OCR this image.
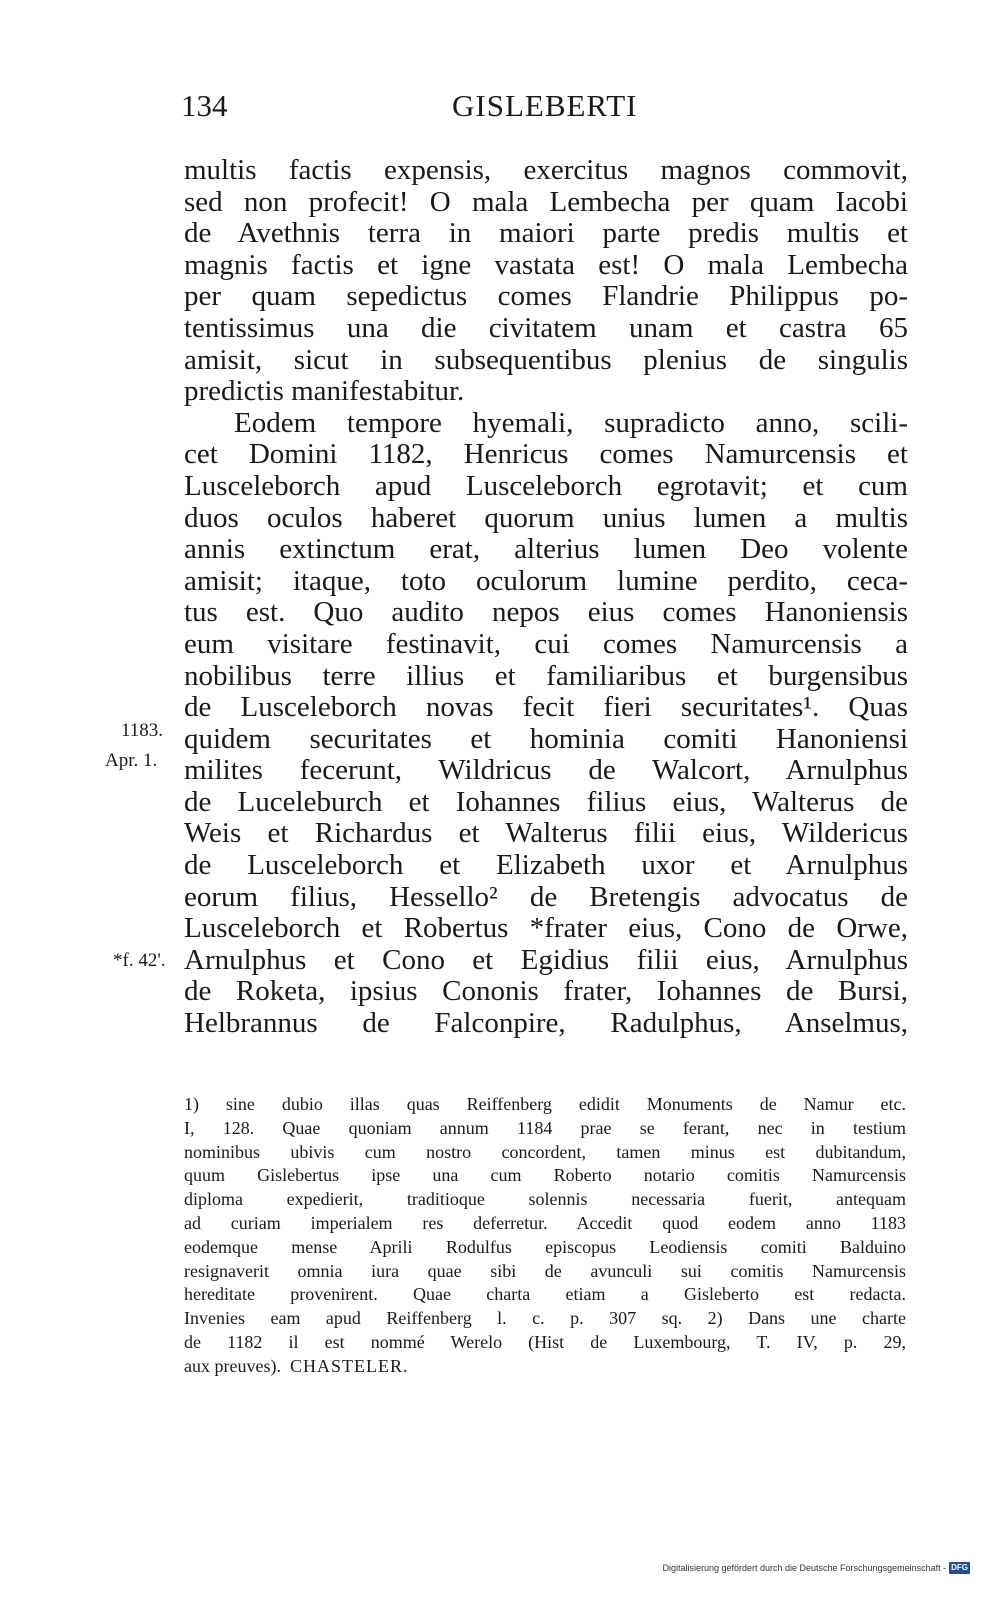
134	GISLEBERTI
multis factis expensis, exercitus magnos commovit,
sed non profecit! O mala Lembecha per quam Iacobi
de Avethnis terra in maiori parte predis multis et
magnis factis et igne vastata est! O mala Lembecha
per quam sepedictus comes Flandrie Philippus po-
tentissimus una die civitatem unam et castra 65
amisit, sicut in subsequentibus plenius de singulis
predictis manifestabitur.
Eodem tempore hyemali, supradicto anno, scili-
cet Domini 1182, Henricus comes Namurcensis et
Lusceleborch apud Lusceleborch egrotavit; et cum
duos oculos haberet quorum unius lumen a multis
annis extinctum erat, alterius lumen Deo volente
amisit; itaque, toto oculorum lumine perdito, ceca-
tus est. Quo audito nepos eius comes Hanoniensis
eum visitare festinavit, cui comes Namurcensis a
nobilibus terre illius et familiaribus et burgensibus
de Lusceleborch novas fecit fieri securitates¹. Quas
quidem securitates et hominia comiti Hanoniensi
milites fecerunt, Wildricus de Walcort, Arnulphus
de Luceleburch et Iohannes filius eius, Walterus de
Weis et Richardus et Walterus filii eius, Wildericus
de Lusceleborch et Elizabeth uxor et Arnulphus
eorum filius, Hessello² de Bretengis advocatus de
Lusceleborch et Robertus *frater eius, Cono de Orwe,
Arnulphus et Cono et Egidius filii eius, Arnulphus
de Roketa, ipsius Cononis frater, Iohannes de Bursi,
Helbrannus de Falconpire, Radulphus, Anselmus,
1183.
Apr. 1.
*f. 42'.
1) sine dubio illas quas Reiffenberg edidit Monuments de Namur etc.
I, 128. Quae quoniam annum 1184 prae se ferant, nec in testium
nominibus ubivis cum nostro concordent, tamen minus est dubitandum,
quum Gislebertus ipse una cum Roberto notario comitis Namurcensis
diploma expedierit, traditioque solennis necessaria fuerit, antequam
ad curiam imperialem res deferretur. Accedit quod eodem anno 1183
eodemque mense Aprili Rodulfus episcopus Leodiensis comiti Balduino
resignaverit omnia iura quae sibi de avunculi sui comitis Namurcensis
hereditate provenirent. Quae charta etiam a Gisleberto est redacta.
Invenies eam apud Reiffenberg l. c. p. 307 sq. 2) Dans une charte
de 1182 il est nommé Werelo (Hist de Luxembourg, T. IV, p. 29,
aux preuves). CHASTELER.
Digitalisierung gefördert durch die Deutsche Forschungsgemeinschaft - DFG
